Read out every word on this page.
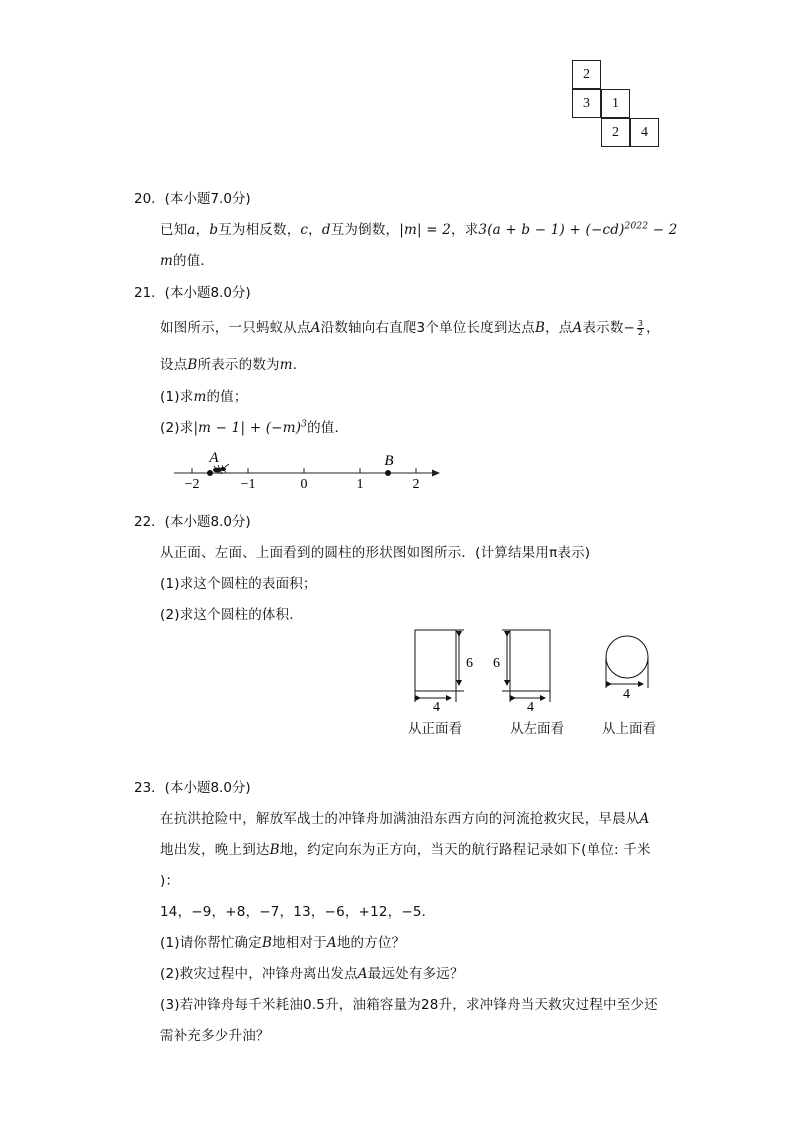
2
3	1
2	4
20．(本小题7.0分)
已知a，b互为相反数，c，d互为倒数，|m| = 2，求$3(a + b - 1) + (-cd)^{2022} - 2$
m的值．
21．(本小题8.0分)
如图所示，一只蚂蚁从点A沿数轴向右直爬3个单位长度到达点B，点A表示数− $\frac{3}{2}$ ，
设点B所表示的数为m．
(1)求m的值；
(2)求$|m - 1| + (-m)^3$的值．
−2	−1	0	1	2
A	B
22．(本小题8.0分)
从正面、左面、上面看到的圆柱的形状图如图所示．(计算结果用π表示)
(1)求这个圆柱的表面积；
(2)求这个圆柱的体积．
6
4
6
4
4
从正面看	从左面看	从上面看
23．(本小题8.0分)
在抗洪抢险中，解放军战士的冲锋舟加满油沿东西方向的河流抢救灾民，早晨从A
地出发，晚上到达B地，约定向东为正方向，当天的航行路程记录如下(单位: 千米
)：
14，−9，+8，−7，13，−6，+12，−5．
(1)请你帮忙确定B地相对于A地的方位？
(2)救灾过程中，冲锋舟离出发点A最远处有多远？
(3)若冲锋舟每千米耗油0.5升，油箱容量为28升，求冲锋舟当天救灾过程中至少还
需补充多少升油？
